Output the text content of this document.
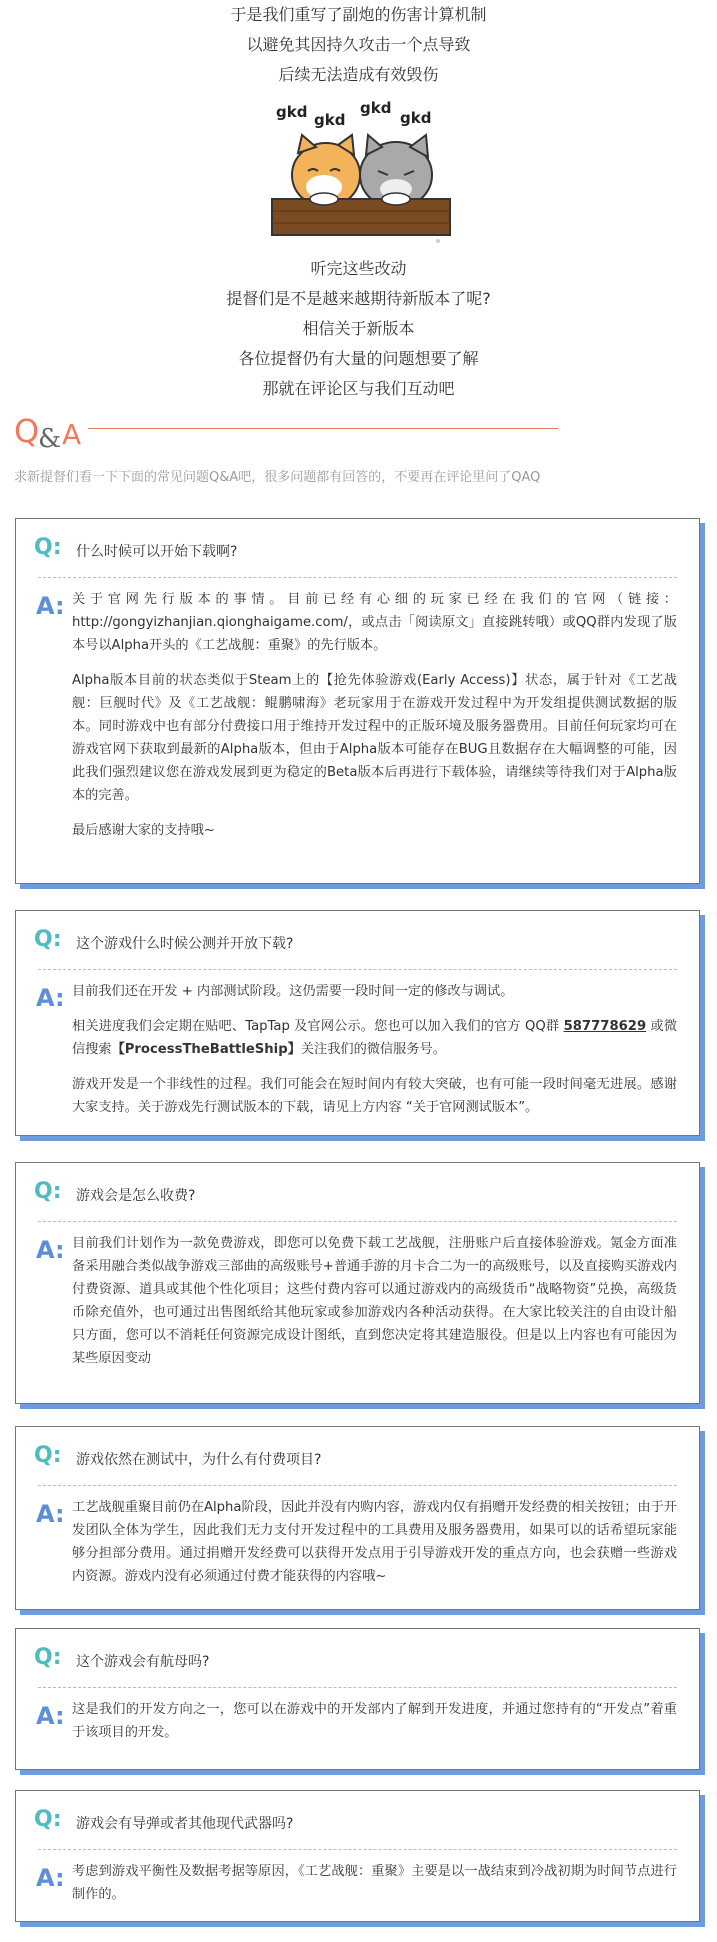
于是我们重写了副炮的伤害计算机制
以避免其因持久攻击一个点导致
后续无法造成有效毁伤
gkd gkd
gkd
gkd
听完这些改动
提督们是不是越来越期待新版本了呢?
相信关于新版本
各位提督仍有大量的问题想要了解
那就在评论区与我们互动吧
Q
& A
求新提督们看一下下面的常见问题Q&A吧，很多问题都有回答的，不要再在评论里问了QAQ
Q: 什么时候可以开始下载啊?
A: 关于官网先行版本的事情。目前已经有心细的玩家已经在我们的官网（链接：http://gongyizhanjian.qionghaigame.com/，或点击「阅读原文」直接跳转哦）或QQ群内发现了版本号以Alpha开头的《工艺战舰：重聚》的先行版本。

Alpha版本目前的状态类似于Steam上的【抢先体验游戏(Early Access)】状态，属于针对《工艺战舰：巨舰时代》及《工艺战舰：鲲鹏啸海》老玩家用于在游戏开发过程中为开发组提供测试数据的版本。同时游戏中也有部分付费接口用于维持开发过程中的正版环境及服务器费用。目前任何玩家均可在游戏官网下获取到最新的Alpha版本，但由于Alpha版本可能存在BUG且数据存在大幅调整的可能，因此我们强烈建议您在游戏发展到更为稳定的Beta版本后再进行下载体验，请继续等待我们对于Alpha版本的完善。

最后感谢大家的支持哦~

Q: 这个游戏什么时候公测并开放下载?
A: 目前我们还在开发 + 内部测试阶段。这仍需要一段时间一定的修改与调试。

相关进度我们会定期在贴吧、TapTap 及官网公示。您也可以加入我们的官方 QQ群 587778629 或微信搜索【ProcessTheBattleShip】关注我们的微信服务号。

游戏开发是一个非线性的过程。我们可能会在短时间内有较大突破，也有可能一段时间毫无进展。感谢大家支持。关于游戏先行测试版本的下载，请见上方内容 “关于官网测试版本”。

Q: 游戏会是怎么收费?
A: 目前我们计划作为一款免费游戏，即您可以免费下载工艺战舰，注册账户后直接体验游戏。氪金方面准备采用融合类似战争游戏三部曲的高级账号+普通手游的月卡合二为一的高级账号，以及直接购买游戏内付费资源、道具或其他个性化项目；这些付费内容可以通过游戏内的高级货币“战略物资”兑换，高级货币除充值外，也可通过出售图纸给其他玩家或参加游戏内各种活动获得。在大家比较关注的自由设计船只方面，您可以不消耗任何资源完成设计图纸，直到您决定将其建造服役。但是以上内容也有可能因为某些原因变动

Q: 游戏依然在测试中，为什么有付费项目?
A: 工艺战舰重聚目前仍在Alpha阶段，因此并没有内购内容，游戏内仅有捐赠开发经费的相关按钮；由于开发团队全体为学生，因此我们无力支付开发过程中的工具费用及服务器费用，如果可以的话希望玩家能够分担部分费用。通过捐赠开发经费可以获得开发点用于引导游戏开发的重点方向，也会获赠一些游戏内资源。游戏内没有必须通过付费才能获得的内容哦~

Q: 这个游戏会有航母吗?
A: 这是我们的开发方向之一，您可以在游戏中的开发部内了解到开发进度，并通过您持有的“开发点”着重于该项目的开发。

Q: 游戏会有导弹或者其他现代武器吗?
A: 考虑到游戏平衡性及数据考据等原因，《工艺战舰：重聚》主要是以一战结束到冷战初期为时间节点进行制作的。
